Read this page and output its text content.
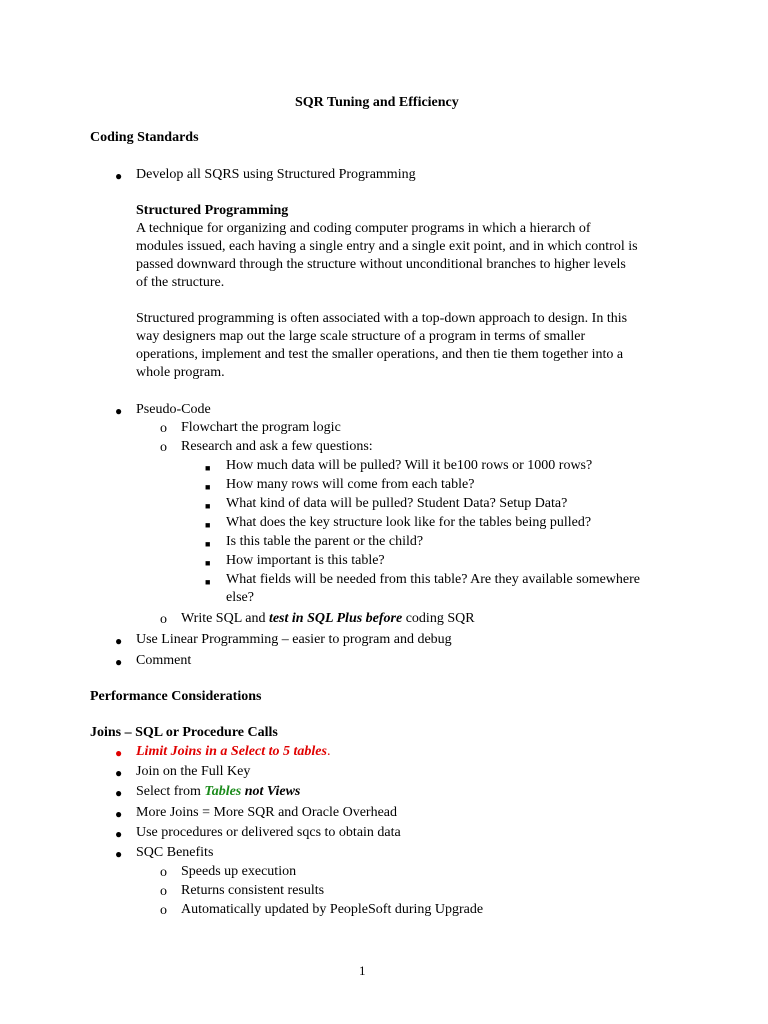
SQR Tuning and Efficiency
Coding Standards
● Develop all SQRS using Structured Programming
Structured Programming
A technique for organizing and coding computer programs in which a hierarch of
modules issued, each having a single entry and a single exit point, and in which control is
passed downward through the structure without unconditional branches to higher levels
of the structure.
Structured programming is often associated with a top-down approach to design. In this
way designers map out the large scale structure of a program in terms of smaller
operations, implement and test the smaller operations, and then tie them together into a
whole program.
● Pseudo-Code
o Flowchart the program logic
o Research and ask a few questions:
■ How much data will be pulled? Will it be100 rows or 1000 rows?
■ How many rows will come from each table?
■ What kind of data will be pulled? Student Data? Setup Data?
■ What does the key structure look like for the tables being pulled?
■ Is this table the parent or the child?
■ How important is this table?
■ What fields will be needed from this table? Are they available somewhere
else?
o Write SQL and test in SQL Plus before coding SQR
● Use Linear Programming – easier to program and debug
● Comment
Performance Considerations
Joins – SQL or Procedure Calls
● Limit Joins in a Select to 5 tables.
● Join on the Full Key
● Select from Tables not Views
● More Joins = More SQR and Oracle Overhead
● Use procedures or delivered sqcs to obtain data
● SQC Benefits
o Speeds up execution
o Returns consistent results
o Automatically updated by PeopleSoft during Upgrade
1
